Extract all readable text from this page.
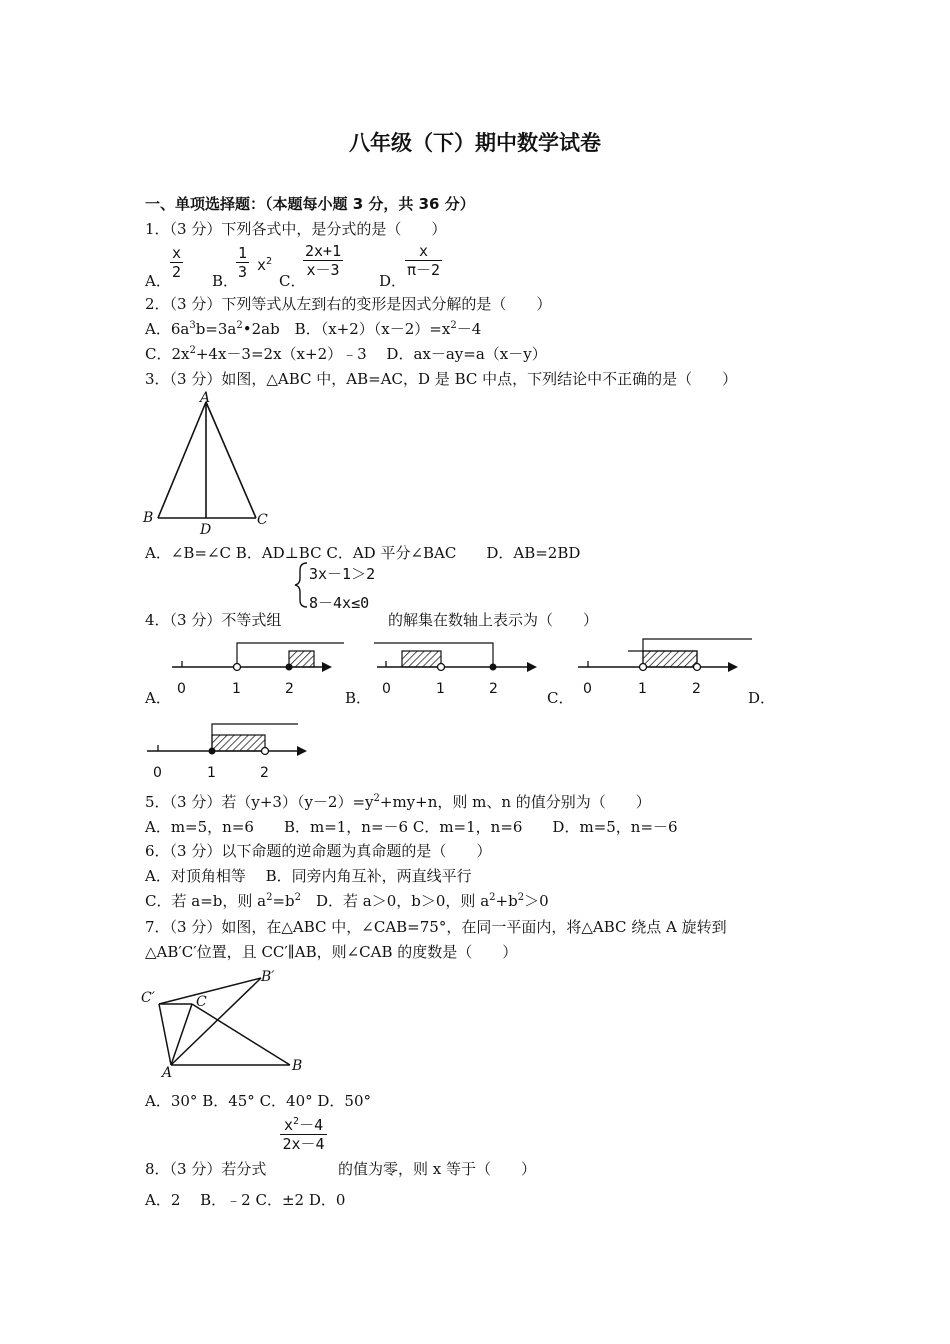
八年级（下）期中数学试卷
一、单项选择题：（本题每小题 3 分，共 36 分）
1．（3 分）下列各式中，是分式的是（　　）
A． $\frac{x}{2}$ B．
$\frac{1}{3} x^2$
C．
$\frac{2x+1}{x-3}$
D．
$\frac{x}{\pi-2}$
2．（3 分）下列等式从左到右的变形是因式分解的是（　　）
A．$6a^3b=3a^2•2ab$　B．$(x+2)(x-2)=x^2-4$
C．$2x^2+4x-3=2x(x+2)﹣3$　 D．ax－ay=a（x－y）
3．（3 分）如图，△ABC 中，AB=AC，D 是 BC 中点，下列结论中不正确的是（　　）
A
B	C
D
A．∠B=∠C B．AD⊥BC C．AD 平分∠BAC　　D．AB=2BD
4．（3 分）不等式组
3x－1＞2
8－4x≤0
的解集在数轴上表示为（　　）
0	1	2	0	1	2	0	1	2
0	1	2
A．	B．	C．	D．
5．（3 分）若$(y+3)(y-2)=y^2+my+n$，则 m、n 的值分别为（　　）
A．m=5，n=6　　B．m=1，n=－6 C．m=1，n=6　　D．m=5，n=－6
6．（3 分）以下命题的逆命题为真命题的是（　　）
A．对顶角相等　 B．同旁内角互补，两直线平行
C．若 a=b，则 $a^2=b^2$　D．若 a＞0，b＞0，则 $a^2+b^2>0$
7．（3 分）如图，在△ABC 中，∠CAB=75°，在同一平面内，将△ABC 绕点 A 旋转到
△AB′C′位置，且 CC′∥AB，则∠CAB 的度数是（　　）
C′	C
B′
A	B
A．30° B．45° C．40° D．50°
8．（3 分）若分式
$\frac{x^2-4}{2x-4}$
的值为零，则 x 等于（　　）
A．2　 B．﹣2 C．±2 D．0
